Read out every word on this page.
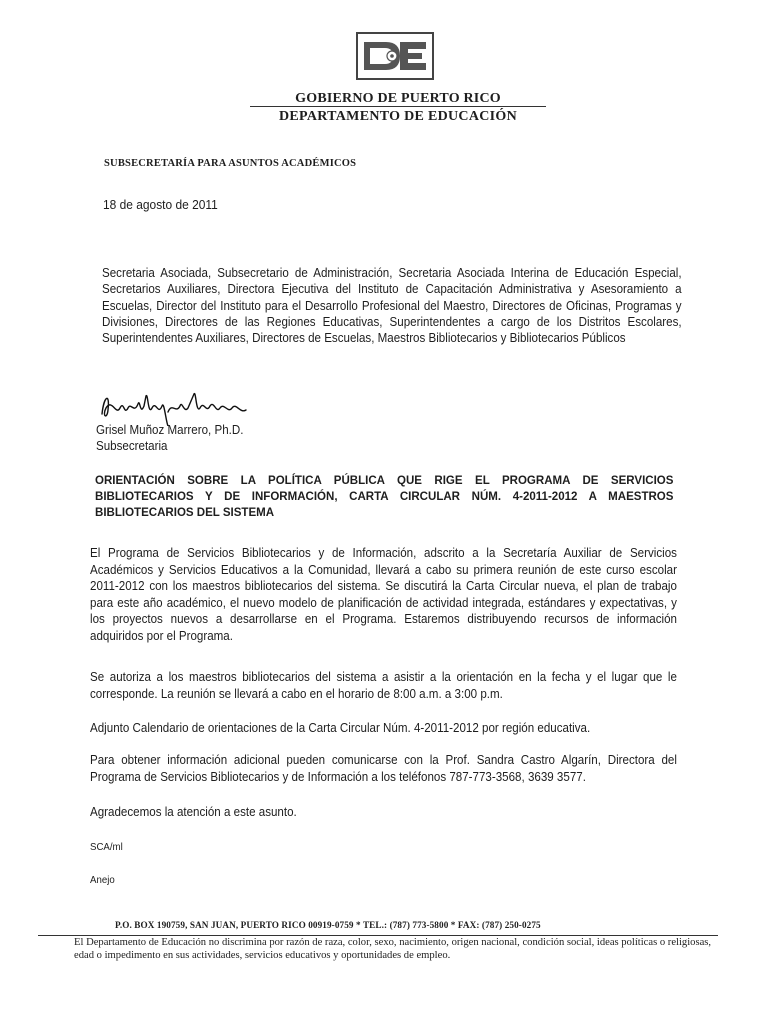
GOBIERNO DE PUERTO RICO
DEPARTAMENTO DE EDUCACIÓN
SUBSECRETARÍA PARA ASUNTOS ACADÉMICOS
18 de agosto de 2011

Secretaria Asociada, Subsecretario de Administración, Secretaria Asociada Interina de Educación Especial, Secretarios Auxiliares, Directora Ejecutiva del Instituto de Capacitación Administrativa y Asesoramiento a Escuelas, Director del Instituto para el Desarrollo Profesional del Maestro, Directores de Oficinas, Programas y Divisiones, Directores de las Regiones Educativas, Superintendentes a cargo de los Distritos Escolares, Superintendentes Auxiliares, Directores de Escuelas, Maestros Bibliotecarios y Bibliotecarios Públicos

Grisel Muñoz Marrero, Ph.D.
Subsecretaria

ORIENTACIÓN SOBRE LA POLÍTICA PÚBLICA QUE RIGE EL PROGRAMA DE SERVICIOS BIBLIOTECARIOS Y DE INFORMACIÓN, CARTA CIRCULAR NÚM. 4-2011-2012 A MAESTROS BIBLIOTECARIOS DEL SISTEMA

El Programa de Servicios Bibliotecarios y de Información, adscrito a la Secretaría Auxiliar de Servicios Académicos y Servicios Educativos a la Comunidad, llevará a cabo su primera reunión de este curso escolar 2011-2012 con los maestros bibliotecarios del sistema. Se discutirá la Carta Circular nueva, el plan de trabajo para este año académico, el nuevo modelo de planificación de actividad integrada, estándares y expectativas, y los proyectos nuevos a desarrollarse en el Programa. Estaremos distribuyendo recursos de información adquiridos por el Programa.

Se autoriza a los maestros bibliotecarios del sistema a asistir a la orientación en la fecha y el lugar que le corresponde. La reunión se llevará a cabo en el horario de 8:00 a.m. a 3:00 p.m.

Adjunto Calendario de orientaciones de la Carta Circular Núm. 4-2011-2012 por región educativa.

Para obtener información adicional pueden comunicarse con la Prof. Sandra Castro Algarín, Directora del Programa de Servicios Bibliotecarios y de Información a los teléfonos 787-773-3568, 3639 3577.

Agradecemos la atención a este asunto.

SCA/ml
Anejo
P.O. BOX 190759, SAN JUAN, PUERTO RICO 00919-0759 * TEL.: (787) 773-5800 * FAX: (787) 250-0275

El Departamento de Educación no discrimina por razón de raza, color, sexo, nacimiento, origen nacional, condición social, ideas políticas o religiosas, edad o impedimento en sus actividades, servicios educativos y oportunidades de empleo.
